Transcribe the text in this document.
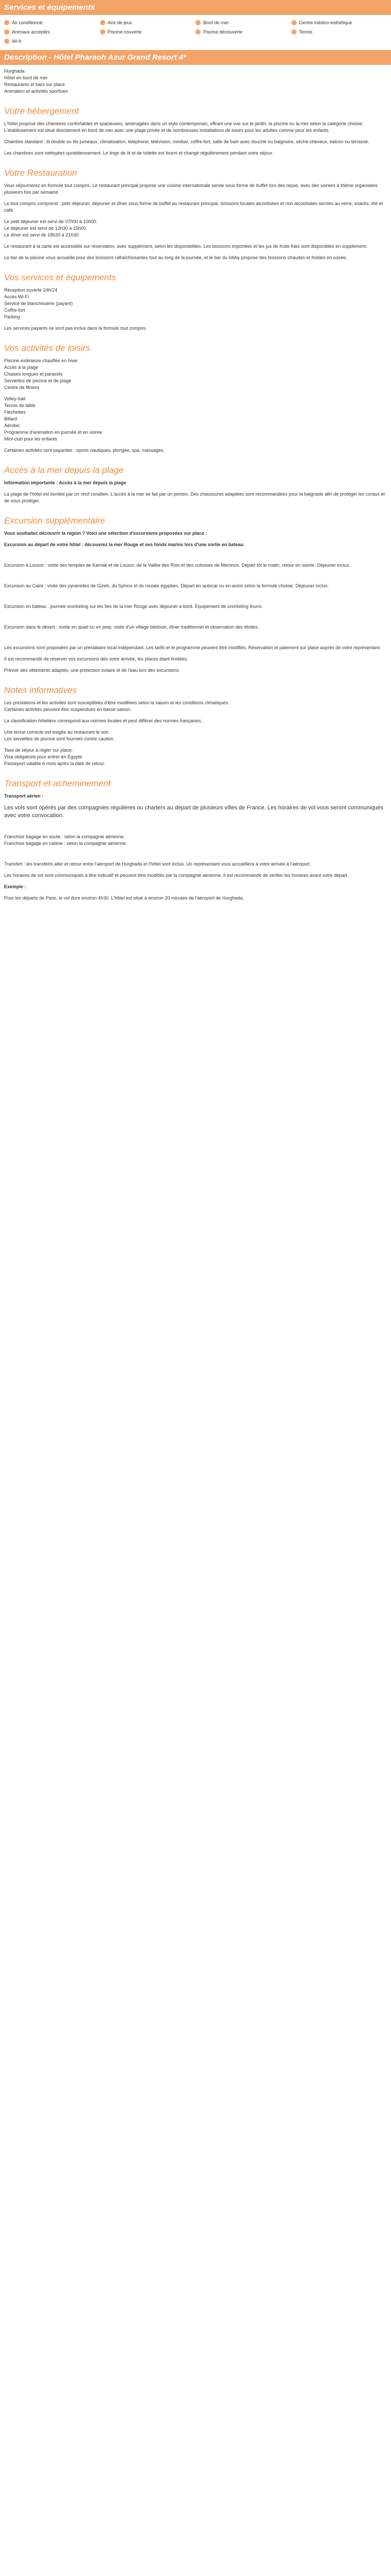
Services et équipements
Air conditionné	Aire de jeux	Bord de mer	Centre médico-esthétique
Animaux acceptés	Piscine couverte	Piscine découverte	Tennis
Wi-fi
Description - Hôtel Pharaoh Azur Grand Resort 4*

Hurghada
Hôtel en bord de mer
Restaurants et bars sur place
Animation et activités sportives

Votre hébergement

L'hôtel propose des chambres confortables et spacieuses, aménagées dans un style contemporain, offrant une vue sur le jardin, la piscine ou la mer selon la catégorie choisie. L'établissement est situé directement en bord de mer avec une plage privée et de nombreuses installations de loisirs pour les adultes comme pour les enfants.

Chambre standard : lit double ou lits jumeaux, climatisation, téléphone, télévision, minibar, coffre-fort, salle de bain avec douche ou baignoire, sèche-cheveux, balcon ou terrasse.

Les chambres sont nettoyées quotidiennement. Le linge de lit et de toilette est fourni et changé régulièrement pendant votre séjour.

Votre Restauration

Vous séjournerez en formule tout compris. Le restaurant principal propose une cuisine internationale servie sous forme de buffet lors des repas, avec des soirées à thème organisées plusieurs fois par semaine.

Le tout compris comprend : petit déjeuner, déjeuner et dîner sous forme de buffet au restaurant principal, boissons locales alcoolisées et non alcoolisées servies au verre, snacks, thé et café.

Le petit déjeuner est servi de 07h00 à 10h00.
Le déjeuner est servi de 12h30 à 15h00.
Le dîner est servi de 18h30 à 21h30.

Le restaurant à la carte est accessible sur réservation, avec supplément, selon les disponibilités. Les boissons importées et les jus de fruits frais sont disponibles en supplément.

Le bar de la piscine vous accueille pour des boissons rafraîchissantes tout au long de la journée, et le bar du lobby propose des boissons chaudes et froides en soirée.

Vos services et équipements

Réception ouverte 24h/24
Accès Wi-Fi
Service de blanchisserie (payant)
Coffre-fort
Parking

Les services payants ne sont pas inclus dans la formule tout compris.

Vos activités de loisirs

Piscine extérieure chauffée en hiver
Accès à la plage
Chaises longues et parasols
Serviettes de piscine et de plage
Centre de fitness

Volley-ball
Tennis de table
Fléchettes
Billard
Aérobic
Programme d'animation en journée et en soirée
Mini-club pour les enfants

Certaines activités sont payantes : sports nautiques, plongée, spa, massages.

Accès à la mer depuis la plage

Information importante : Accès à la mer depuis la plage

La plage de l'hôtel est bordée par un récif corallien. L'accès à la mer se fait par un ponton. Des chaussures adaptées sont recommandées pour la baignade afin de protéger les coraux et de vous protéger.

Excursion supplémentaire

Vous souhaitez découvrir la région ? Voici une sélection d'excursions proposées sur place :

Excursion au départ de votre hôtel : découvrez la mer Rouge et ses fonds marins lors d'une sortie en bateau.

Excursion à Louxor : visite des temples de Karnak et de Louxor, de la Vallée des Rois et des colosses de Memnon. Départ tôt le matin, retour en soirée. Déjeuner inclus.

Excursion au Caire : visite des pyramides de Gizeh, du Sphinx et du musée égyptien. Départ en autocar ou en avion selon la formule choisie. Déjeuner inclus.

Excursion en bateau : journée snorkeling sur les îles de la mer Rouge avec déjeuner à bord. Équipement de snorkeling fourni.

Excursion dans le désert : sortie en quad ou en jeep, visite d'un village bédouin, dîner traditionnel et observation des étoiles.

Les excursions sont proposées par un prestataire local indépendant. Les tarifs et le programme peuvent être modifiés. Réservation et paiement sur place auprès de votre représentant.

Il est recommandé de réserver vos excursions dès votre arrivée, les places étant limitées.

Prévoir des vêtements adaptés, une protection solaire et de l'eau lors des excursions.

Notes informatives

Les prestations et les activités sont susceptibles d'être modifiées selon la saison et les conditions climatiques.
Certaines activités peuvent être suspendues en basse saison.

La classification hôtelière correspond aux normes locales et peut différer des normes françaises.

Une tenue correcte est exigée au restaurant le soir.
Les serviettes de piscine sont fournies contre caution.

Taxe de séjour à régler sur place.
Visa obligatoire pour entrer en Égypte.
Passeport valable 6 mois après la date de retour.

Transport et acheminement

Transport aérien :

Les vols sont opérés par des compagnies régulières ou charters au départ de plusieurs villes de France. Les horaires de vol vous seront communiqués avec votre convocation.

Franchise bagage en soute : selon la compagnie aérienne.
Franchise bagage en cabine : selon la compagnie aérienne.

Transfert : les transferts aller et retour entre l'aéroport de Hurghada et l'hôtel sont inclus. Un représentant vous accueillera à votre arrivée à l'aéroport.

Les horaires de vol sont communiqués à titre indicatif et peuvent être modifiés par la compagnie aérienne. Il est recommandé de vérifier les horaires avant votre départ.

Exemple :

Pour les départs de Paris, le vol dure environ 4h30. L'hôtel est situé à environ 20 minutes de l'aéroport de Hurghada.
